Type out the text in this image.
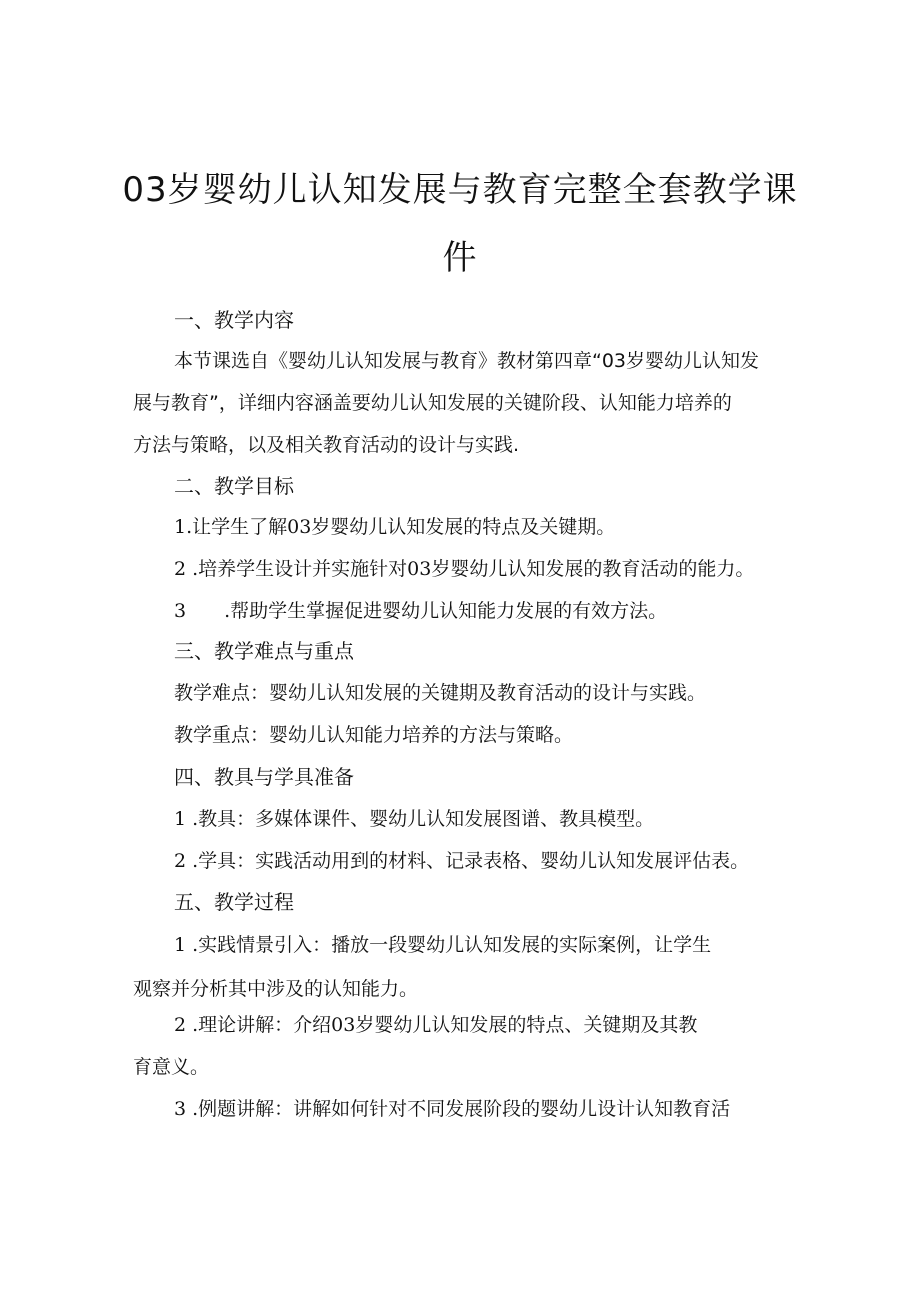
03岁婴幼儿认知发展与教育完整全套教学课
件
一、教学内容

本节课选自《婴幼儿认知发展与教育》教材第四章“03岁婴幼儿认知发

展与教育”，详细内容涵盖要幼儿认知发展的关键阶段、认知能力培养的

方法与策略，以及相关教育活动的设计与实践.

二、教学目标

1.让学生了解03岁婴幼儿认知发展的特点及关键期。

2 .培养学生设计并实施针对03岁婴幼儿认知发展的教育活动的能力。

3　　.帮助学生掌握促进婴幼儿认知能力发展的有效方法。

三、教学难点与重点

教学难点：婴幼儿认知发展的关键期及教育活动的设计与实践。

教学重点：婴幼儿认知能力培养的方法与策略。

四、教具与学具准备

1 .教具：多媒体课件、婴幼儿认知发展图谱、教具模型。

2 .学具：实践活动用到的材料、记录表格、婴幼儿认知发展评估表。

五、教学过程

1 .实践情景引入：播放一段婴幼儿认知发展的实际案例，让学生

观察并分析其中涉及的认知能力。

2 .理论讲解：介绍03岁婴幼儿认知发展的特点、关键期及其教

育意义。

3 .例题讲解：讲解如何针对不同发展阶段的婴幼儿设计认知教育活
